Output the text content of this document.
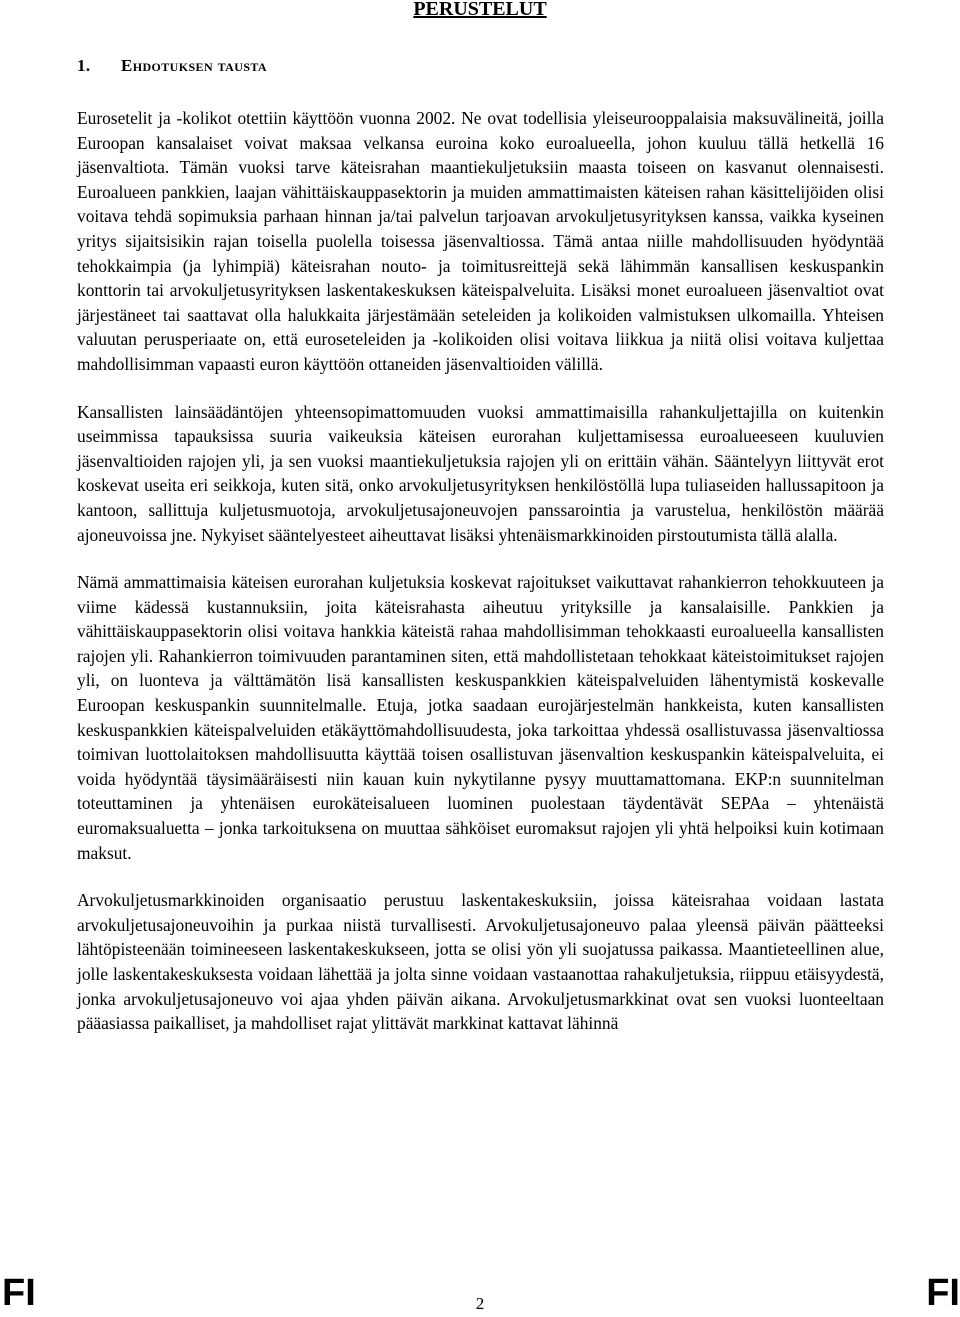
PERUSTELUT
1. Ehdotuksen tausta

Eurosetelit ja -kolikot otettiin käyttöön vuonna 2002. Ne ovat todellisia yleiseurooppalaisia maksuvälineitä, joilla Euroopan kansalaiset voivat maksaa velkansa euroina koko euroalueella, johon kuuluu tällä hetkellä 16 jäsenvaltiota. Tämän vuoksi tarve käteisrahan maantiekuljetuksiin maasta toiseen on kasvanut olennaisesti. Euroalueen pankkien, laajan vähittäiskauppasektorin ja muiden ammattimaisten käteisen rahan käsittelijöiden olisi voitava tehdä sopimuksia parhaan hinnan ja/tai palvelun tarjoavan arvokuljetusyrityksen kanssa, vaikka kyseinen yritys sijaitsisikin rajan toisella puolella toisessa jäsenvaltiossa. Tämä antaa niille mahdollisuuden hyödyntää tehokkaimpia (ja lyhimpiä) käteisrahan nouto- ja toimitusreittejä sekä lähimmän kansallisen keskuspankin konttorin tai arvokuljetusyrityksen laskentakeskuksen käteispalveluita. Lisäksi monet euroalueen jäsenvaltiot ovat järjestäneet tai saattavat olla halukkaita järjestämään seteleiden ja kolikoiden valmistuksen ulkomailla. Yhteisen valuutan perusperiaate on, että euroseteleiden ja -kolikoiden olisi voitava liikkua ja niitä olisi voitava kuljettaa mahdollisimman vapaasti euron käyttöön ottaneiden jäsenvaltioiden välillä.

Kansallisten lainsäädäntöjen yhteensopimattomuuden vuoksi ammattimaisilla rahankuljettajilla on kuitenkin useimmissa tapauksissa suuria vaikeuksia käteisen eurorahan kuljettamisessa euroalueeseen kuuluvien jäsenvaltioiden rajojen yli, ja sen vuoksi maantiekuljetuksia rajojen yli on erittäin vähän. Sääntelyyn liittyvät erot koskevat useita eri seikkoja, kuten sitä, onko arvokuljetusyrityksen henkilöstöllä lupa tuliaseiden hallussapitoon ja kantoon, sallittuja kuljetusmuotoja, arvokuljetusajoneuvojen panssarointia ja varustelua, henkilöstön määrää ajoneuvoissa jne. Nykyiset sääntelyesteet aiheuttavat lisäksi yhtenäismarkkinoiden pirstoutumista tällä alalla.

Nämä ammattimaisia käteisen eurorahan kuljetuksia koskevat rajoitukset vaikuttavat rahankierron tehokkuuteen ja viime kädessä kustannuksiin, joita käteisrahasta aiheutuu yrityksille ja kansalaisille. Pankkien ja vähittäiskauppasektorin olisi voitava hankkia käteistä rahaa mahdollisimman tehokkaasti euroalueella kansallisten rajojen yli. Rahankierron toimivuuden parantaminen siten, että mahdollistetaan tehokkaat käteistoimitukset rajojen yli, on luonteva ja välttämätön lisä kansallisten keskuspankkien käteispalveluiden lähentymistä koskevalle Euroopan keskuspankin suunnitelmalle. Etuja, jotka saadaan eurojärjestelmän hankkeista, kuten kansallisten keskuspankkien käteispalveluiden etäkäyttömahdollisuudesta, joka tarkoittaa yhdessä osallistuvassa jäsenvaltiossa toimivan luottolaitoksen mahdollisuutta käyttää toisen osallistuvan jäsenvaltion keskuspankin käteispalveluita, ei voida hyödyntää täysimääräisesti niin kauan kuin nykytilanne pysyy muuttamattomana. EKP:n suunnitelman toteuttaminen ja yhtenäisen eurokäteisalueen luominen puolestaan täydentävät SEPAa – yhtenäistä euromaksualuetta – jonka tarkoituksena on muuttaa sähköiset euromaksut rajojen yli yhtä helpoiksi kuin kotimaan maksut.

Arvokuljetusmarkkinoiden organisaatio perustuu laskentakeskuksiin, joissa käteisrahaa voidaan lastata arvokuljetusajoneuvoihin ja purkaa niistä turvallisesti. Arvokuljetusajoneuvo palaa yleensä päivän päätteeksi lähtöpisteenään toimineeseen laskentakeskukseen, jotta se olisi yön yli suojatussa paikassa. Maantieteellinen alue, jolle laskentakeskuksesta voidaan lähettää ja jolta sinne voidaan vastaanottaa rahakuljetuksia, riippuu etäisyydestä, jonka arvokuljetusajoneuvo voi ajaa yhden päivän aikana. Arvokuljetusmarkkinat ovat sen vuoksi luonteeltaan pääasiassa paikalliset, ja mahdolliset rajat ylittävät markkinat kattavat lähinnä

FI	2	FI
